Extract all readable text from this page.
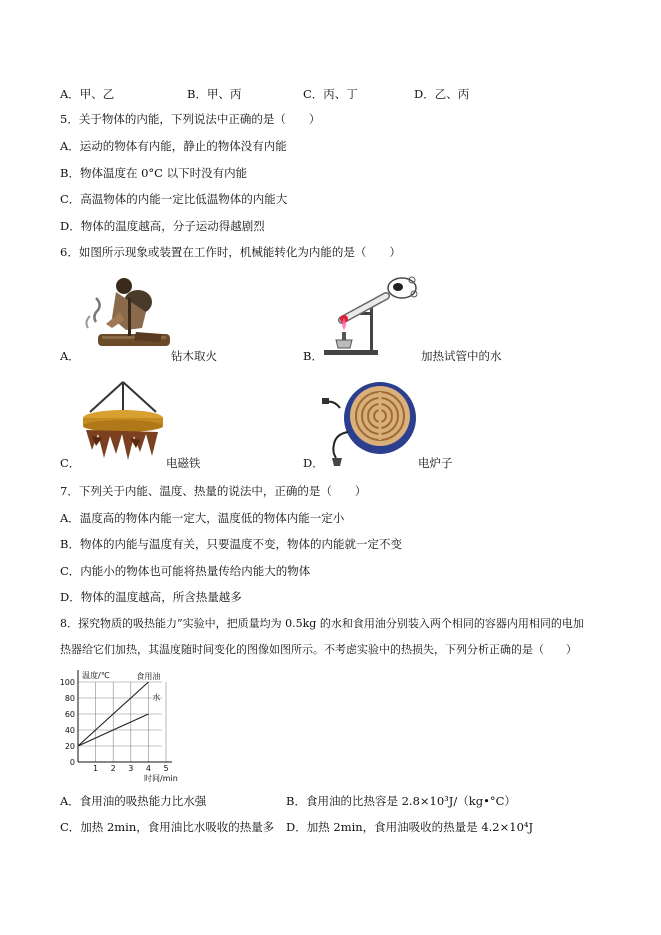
A．甲、乙	B．甲、丙	C．丙、丁	D．乙、丙
5．关于物体的内能，下列说法中正确的是（　　）
A．运动的物体有内能，静止的物体没有内能
B．物体温度在 0°C 以下时没有内能
C．高温物体的内能一定比低温物体的内能大
D．物体的温度越高，分子运动得越剧烈
6．如图所示现象或装置在工作时，机械能转化为内能的是（　　）
A．	钻木取火	B．	加热试管中的水
C．	电磁铁	D．	电炉子
7．下列关于内能、温度、热量的说法中，正确的是（　　）
A．温度高的物体内能一定大，温度低的物体内能一定小
B．物体的内能与温度有关，只要温度不变，物体的内能就一定不变
C．内能小的物体也可能将热量传给内能大的物体
D．物体的温度越高，所含热量越多
8．探究物质的吸热能力”实验中，把质量均为 0.5kg 的水和食用油分别装入两个相同的容器内用相同的电加
热器给它们加热，其温度随时间变化的图像如图所示。不考虑实验中的热损失，下列分析正确的是（　　）
1 2 3 4 5
0
20
40
60
80
100
温度/℃
时间/min
食用油
水
A．食用油的吸热能力比水强	B．食用油的比热容是 2.8×10³J/（kg•°C）
C．加热 2min，食用油比水吸收的热量多 D．加热 2min，食用油吸收的热量是 4.2×10⁴J
